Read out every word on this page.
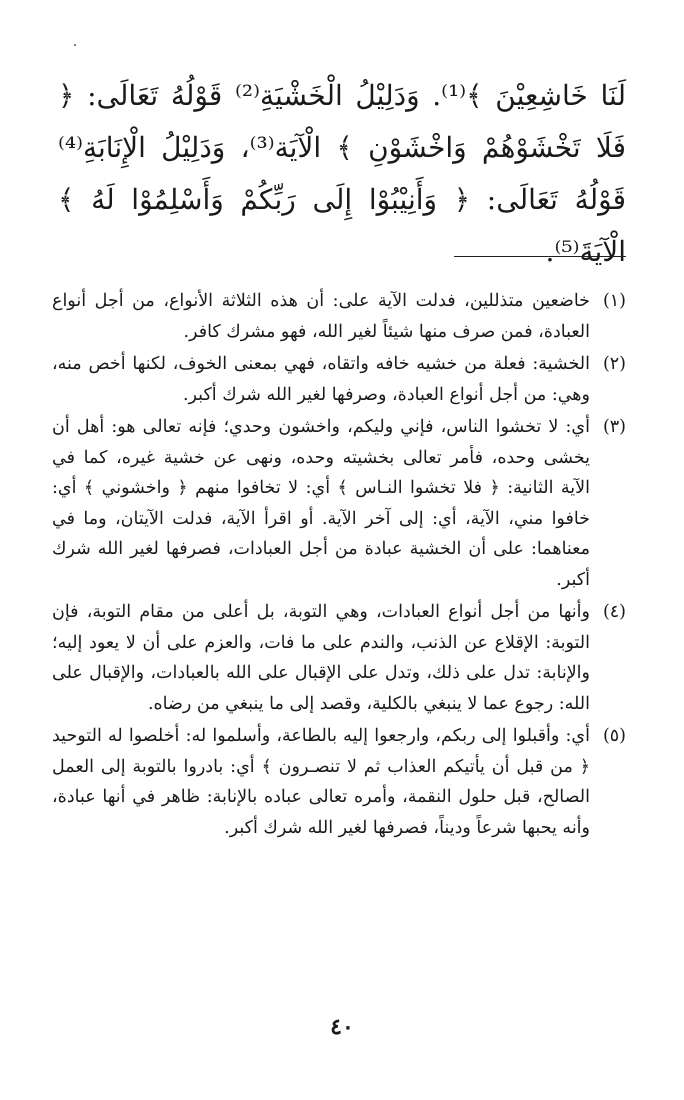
لَنَا خَاشِعِيْنَ ﴾⁽¹⁾. وَدَلِيْلُ الْخَشْيَةِ⁽²⁾ قَوْلُهُ تَعَالَى: ﴿ فَلَا تَخْشَوْهُمْ وَاخْشَوْنِ ﴾ الْآيَة⁽³⁾، وَدَلِيْلُ الْإِنَابَةِ⁽⁴⁾ قَوْلُهُ تَعَالَى: ﴿ وَأَنِيْبُوْا إِلَى رَبِّكُمْ وَأَسْلِمُوْا لَهُ ﴾ الْآيَةَ⁽⁵⁾.
(١)
خاضعين متذللين، فدلت الآية على: أن هذه الثلاثة الأنواع، من أجل أنواع العبادة، فمن صرف منها شيئاً لغير الله، فهو مشرك كافر.
(٢)
الخشية: فعلة من خشيه خافه واتقاه، فهي بمعنى الخوف، لكنها أخص منه، وهي: من أجل أنواع العبادة، وصرفها لغير الله شرك أكبر.
(٣)
أي: لا تخشوا الناس، فإني وليكم، واخشون وحدي؛ فإنه تعالى هو: أهل أن يخشى وحده، فأمر تعالى بخشيته وحده، ونهى عن خشية غيره، كما في الآية الثانية: ﴿ فلا تخشوا النـاس ﴾ أي: لا تخافوا منهم ﴿ واخشوني ﴾ أي: خافوا مني، الآية، أي: إلى آخر الآية. أو اقرأ الآية، فدلت الآيتان، وما في معناهما: على أن الخشية عبادة من أجل العبادات، فصرفها لغير الله شرك أكبر.
(٤)
وأنها من أجل أنواع العبادات، وهي التوبة، بل أعلى من مقام التوبة، فإن التوبة: الإقلاع عن الذنب، والندم على ما فات، والعزم على أن لا يعود إليه؛ والإنابة: تدل على ذلك، وتدل على الإقبال على الله بالعبادات، والإقبال على الله: رجوع عما لا ينبغي بالكلية، وقصد إلى ما ينبغي من رضاه.
(٥)
أي: وأقبلوا إلى ربكم، وارجعوا إليه بالطاعة، وأسلموا له: أخلصوا له التوحيد ﴿ من قبل أن يأتيكم العذاب ثم لا تنصـرون ﴾ أي: بادروا بالتوبة إلى العمل الصالح، قبل حلول النقمة، وأمره تعالى عباده بالإنابة: ظاهر في أنها عبادة، وأنه يحبها شرعاً وديناً، فصرفها لغير الله شرك أكبر.
٤٠
